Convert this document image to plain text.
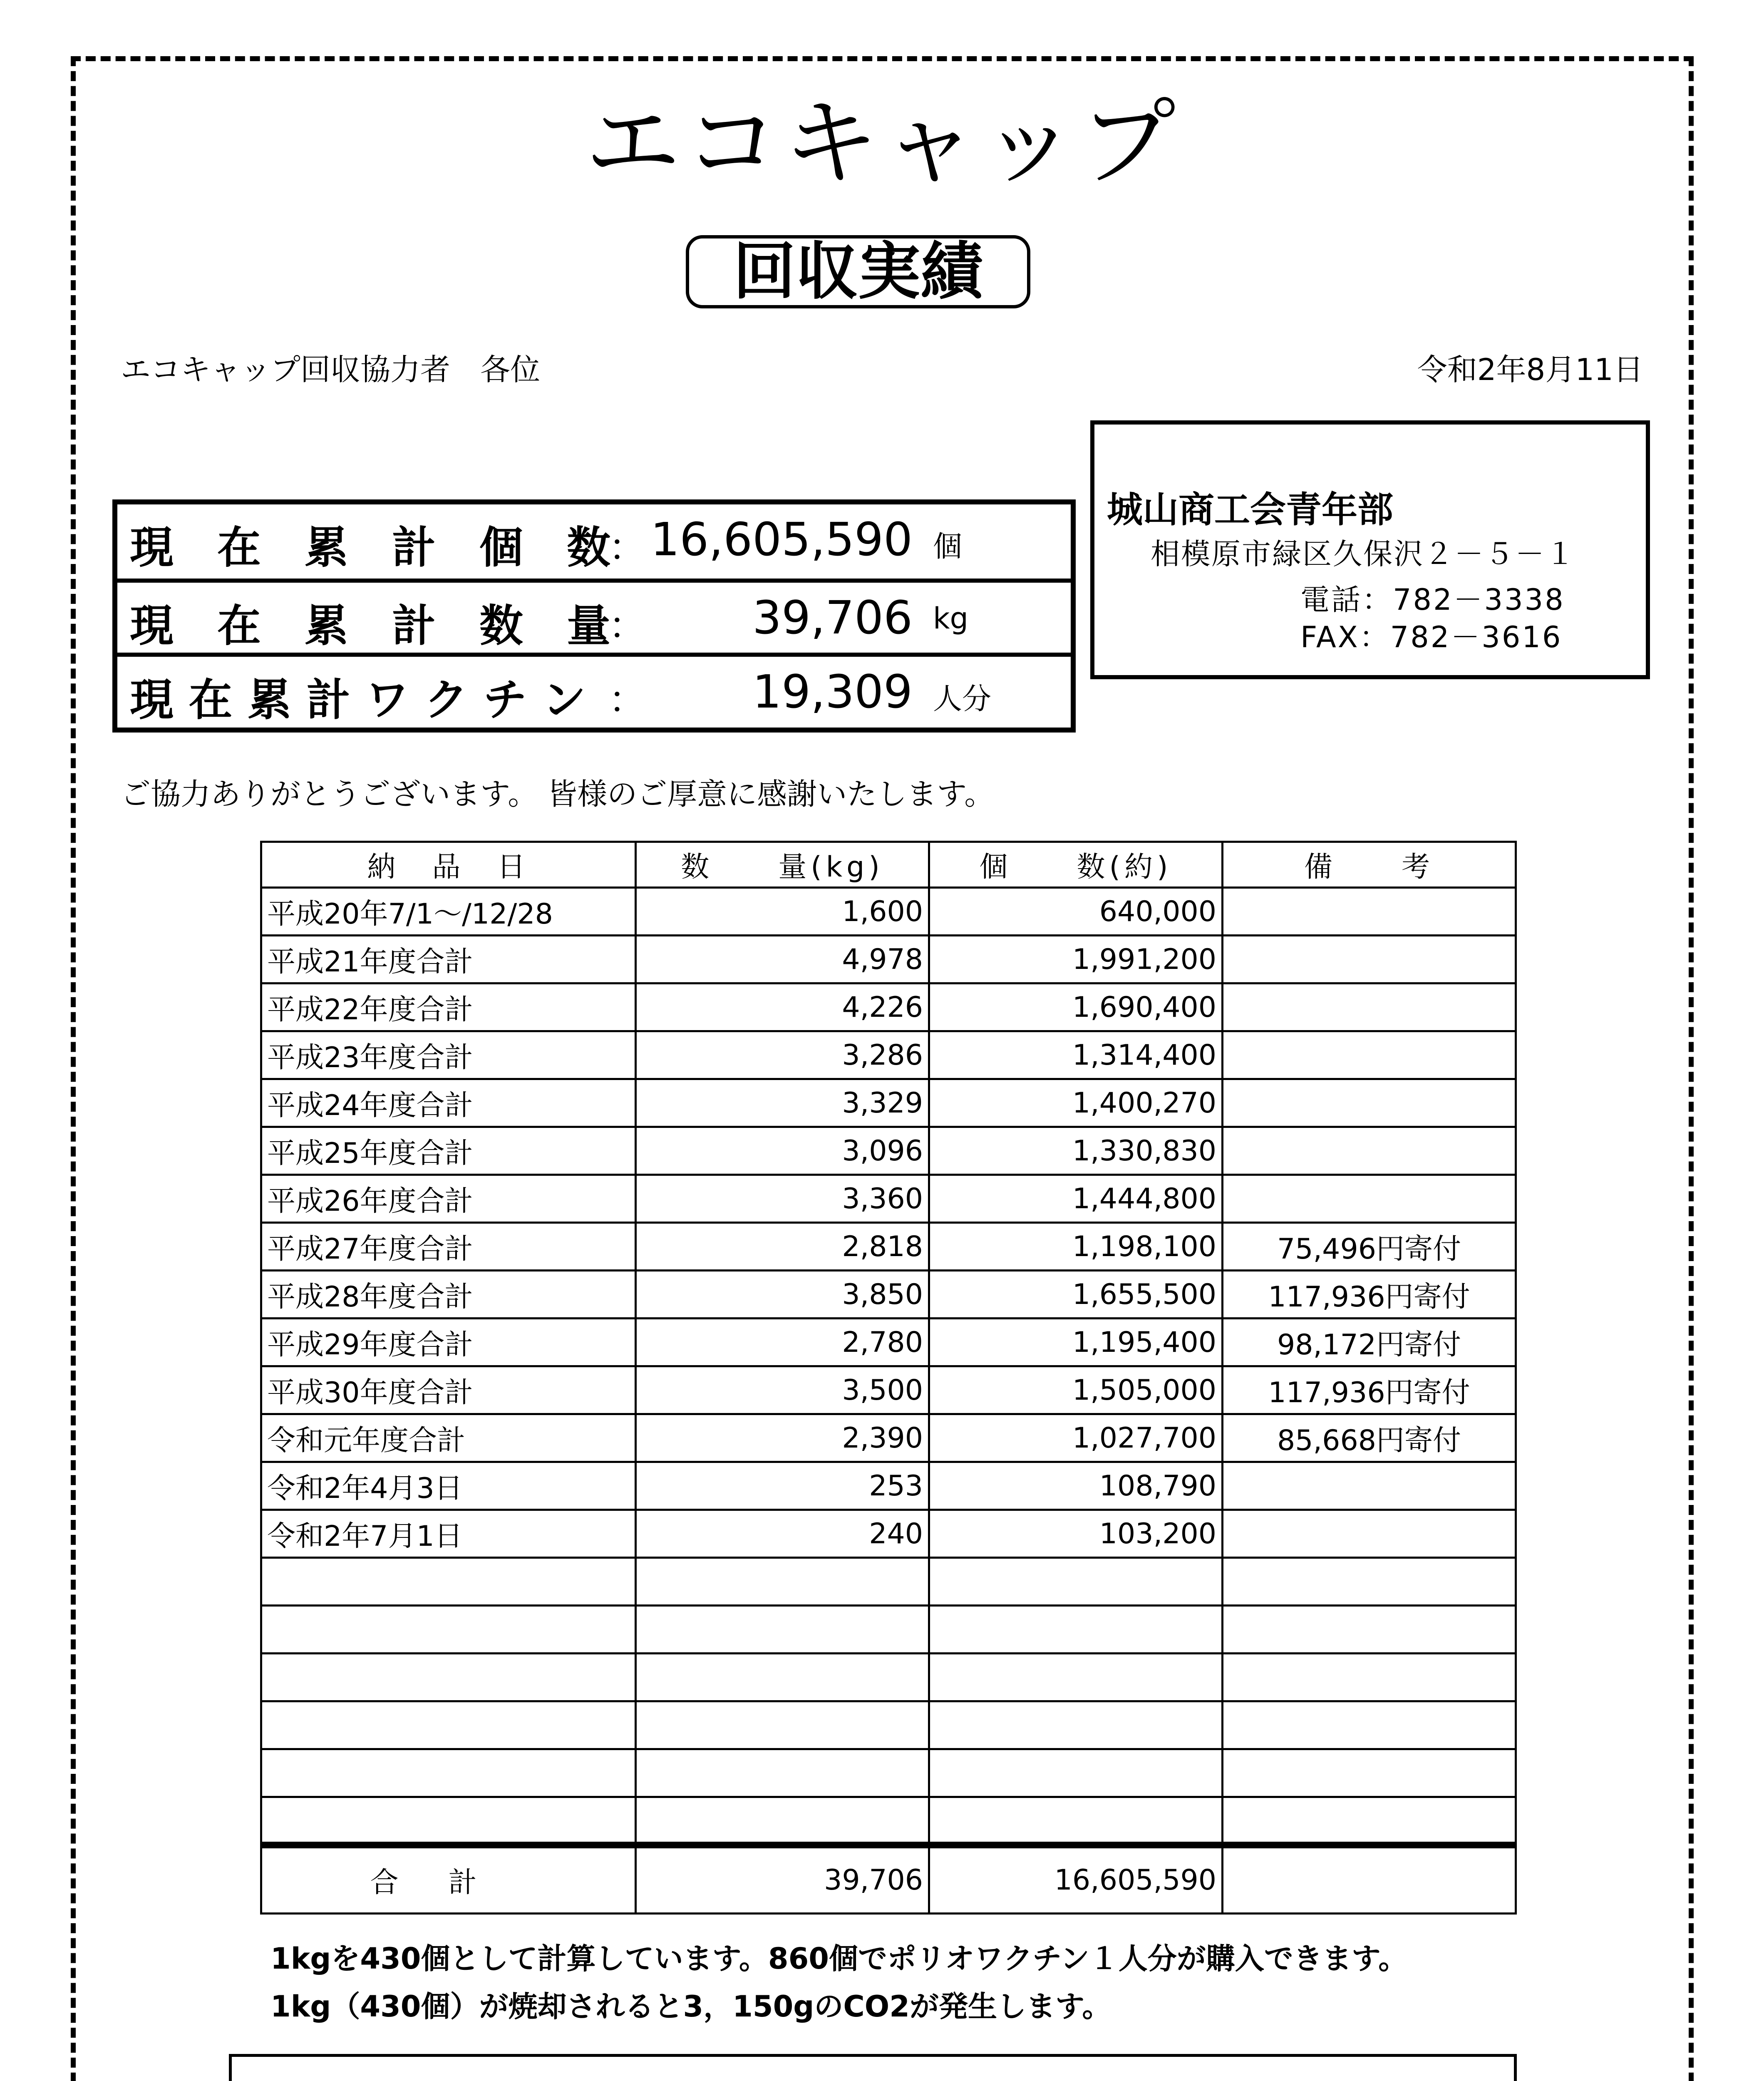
エコキャップ
回収実績
エコキャップ回収協力者　各位	令和2年8月11日
城山商工会青年部
相模原市緑区久保沢２－５－１
電話：782－3338
FAX：782－3616
現　在　累　計　個　数
： 16,605,590 個
現　在　累　計　数　量
： 39,706 kg
現 在 累 計 ワ ク チ ン ： 19,309 人分
ご協力ありがとうございます。 皆様のご厚意に感謝いたします。
納　品　日	数　　量(kg)	個　　数(約)	備　　考
平成20年7/1～/12/28	1,600	640,000	
平成21年度合計	4,978	1,991,200	
平成22年度合計	4,226	1,690,400	
平成23年度合計	3,286	1,314,400	
平成24年度合計	3,329	1,400,270	
平成25年度合計	3,096	1,330,830	
平成26年度合計	3,360	1,444,800	
平成27年度合計	2,818	1,198,100	75,496円寄付
平成28年度合計	3,850	1,655,500	117,936円寄付
平成29年度合計	2,780	1,195,400	98,172円寄付
平成30年度合計	3,500	1,505,000	117,936円寄付
令和元年度合計	2,390	1,027,700	85,668円寄付
令和2年4月3日	253	108,790	
令和2年7月1日	240	103,200	

合計	39,706	16,605,590	
1kgを430個として計算しています。860個でポリオワクチン１人分が購入できます。
1kg（430個）が焼却されると3，150gのCO2が発生します。
